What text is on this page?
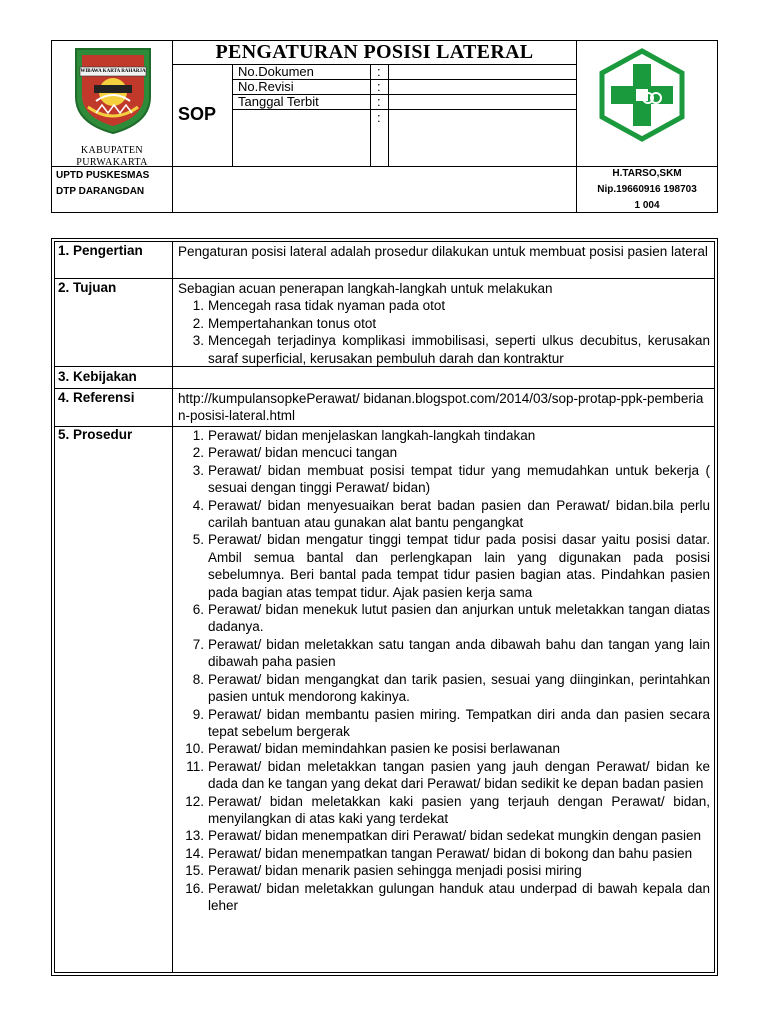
WIBAWA KARTA RAHARJA
KABUPATEN
PURWAKARTA
PENGATURAN POSISI LATERAL
SOP
No.Dokumen	:
No.Revisi	:
Tanggal Terbit	:
:
UPTD PUSKESMAS
DTP DARANGDAN
H.TARSO,SKM
Nip.19660916 198703
1 004
1. Pengertian	Pengaturan posisi lateral adalah prosedur dilakukan untuk membuat posisi pasien lateral
2. Tujuan	Sebagian acuan penerapan langkah-langkah untuk melakukan
1. Mencegah rasa tidak nyaman pada otot
2. Mempertahankan tonus otot
3. Mencegah terjadinya komplikasi immobilisasi, seperti ulkus decubitus, kerusakan saraf superficial, kerusakan pembuluh darah dan kontraktur
3. Kebijakan
4. Referensi	http://kumpulansopkePerawat/ bidanan.blogspot.com/2014/03/sop-protap-ppk-pemberian-posisi-lateral.html
5. Prosedur	1. Perawat/ bidan menjelaskan langkah-langkah tindakan
2. Perawat/ bidan mencuci tangan
3. Perawat/ bidan membuat posisi tempat tidur yang memudahkan untuk bekerja ( sesuai dengan tinggi Perawat/ bidan)
4. Perawat/ bidan menyesuaikan berat badan pasien dan Perawat/ bidan.bila perlu carilah bantuan atau gunakan alat bantu pengangkat
5. Perawat/ bidan mengatur tinggi tempat tidur pada posisi dasar yaitu posisi datar. Ambil semua bantal dan perlengkapan lain yang digunakan pada posisi sebelumnya. Beri bantal pada tempat tidur pasien bagian atas. Pindahkan pasien pada bagian atas tempat tidur. Ajak pasien kerja sama
6. Perawat/ bidan menekuk lutut pasien dan anjurkan untuk meletakkan tangan diatas dadanya.
7. Perawat/ bidan meletakkan satu tangan anda dibawah bahu dan tangan yang lain dibawah paha pasien
8. Perawat/ bidan mengangkat dan tarik pasien, sesuai yang diinginkan, perintahkan pasien untuk mendorong kakinya.
9. Perawat/ bidan membantu pasien miring. Tempatkan diri anda dan pasien secara tepat sebelum bergerak
10. Perawat/ bidan memindahkan pasien ke posisi berlawanan
11. Perawat/ bidan meletakkan tangan pasien yang jauh dengan Perawat/ bidan ke dada dan ke tangan yang dekat dari Perawat/ bidan sedikit ke depan badan pasien
12. Perawat/ bidan meletakkan kaki pasien yang terjauh dengan Perawat/ bidan, menyilangkan di atas kaki yang terdekat
13. Perawat/ bidan menempatkan diri Perawat/ bidan sedekat mungkin dengan pasien
14. Perawat/ bidan menempatkan tangan Perawat/ bidan di bokong dan bahu pasien
15. Perawat/ bidan menarik pasien sehingga menjadi posisi miring
16. Perawat/ bidan meletakkan gulungan handuk atau underpad di bawah kepala dan leher
